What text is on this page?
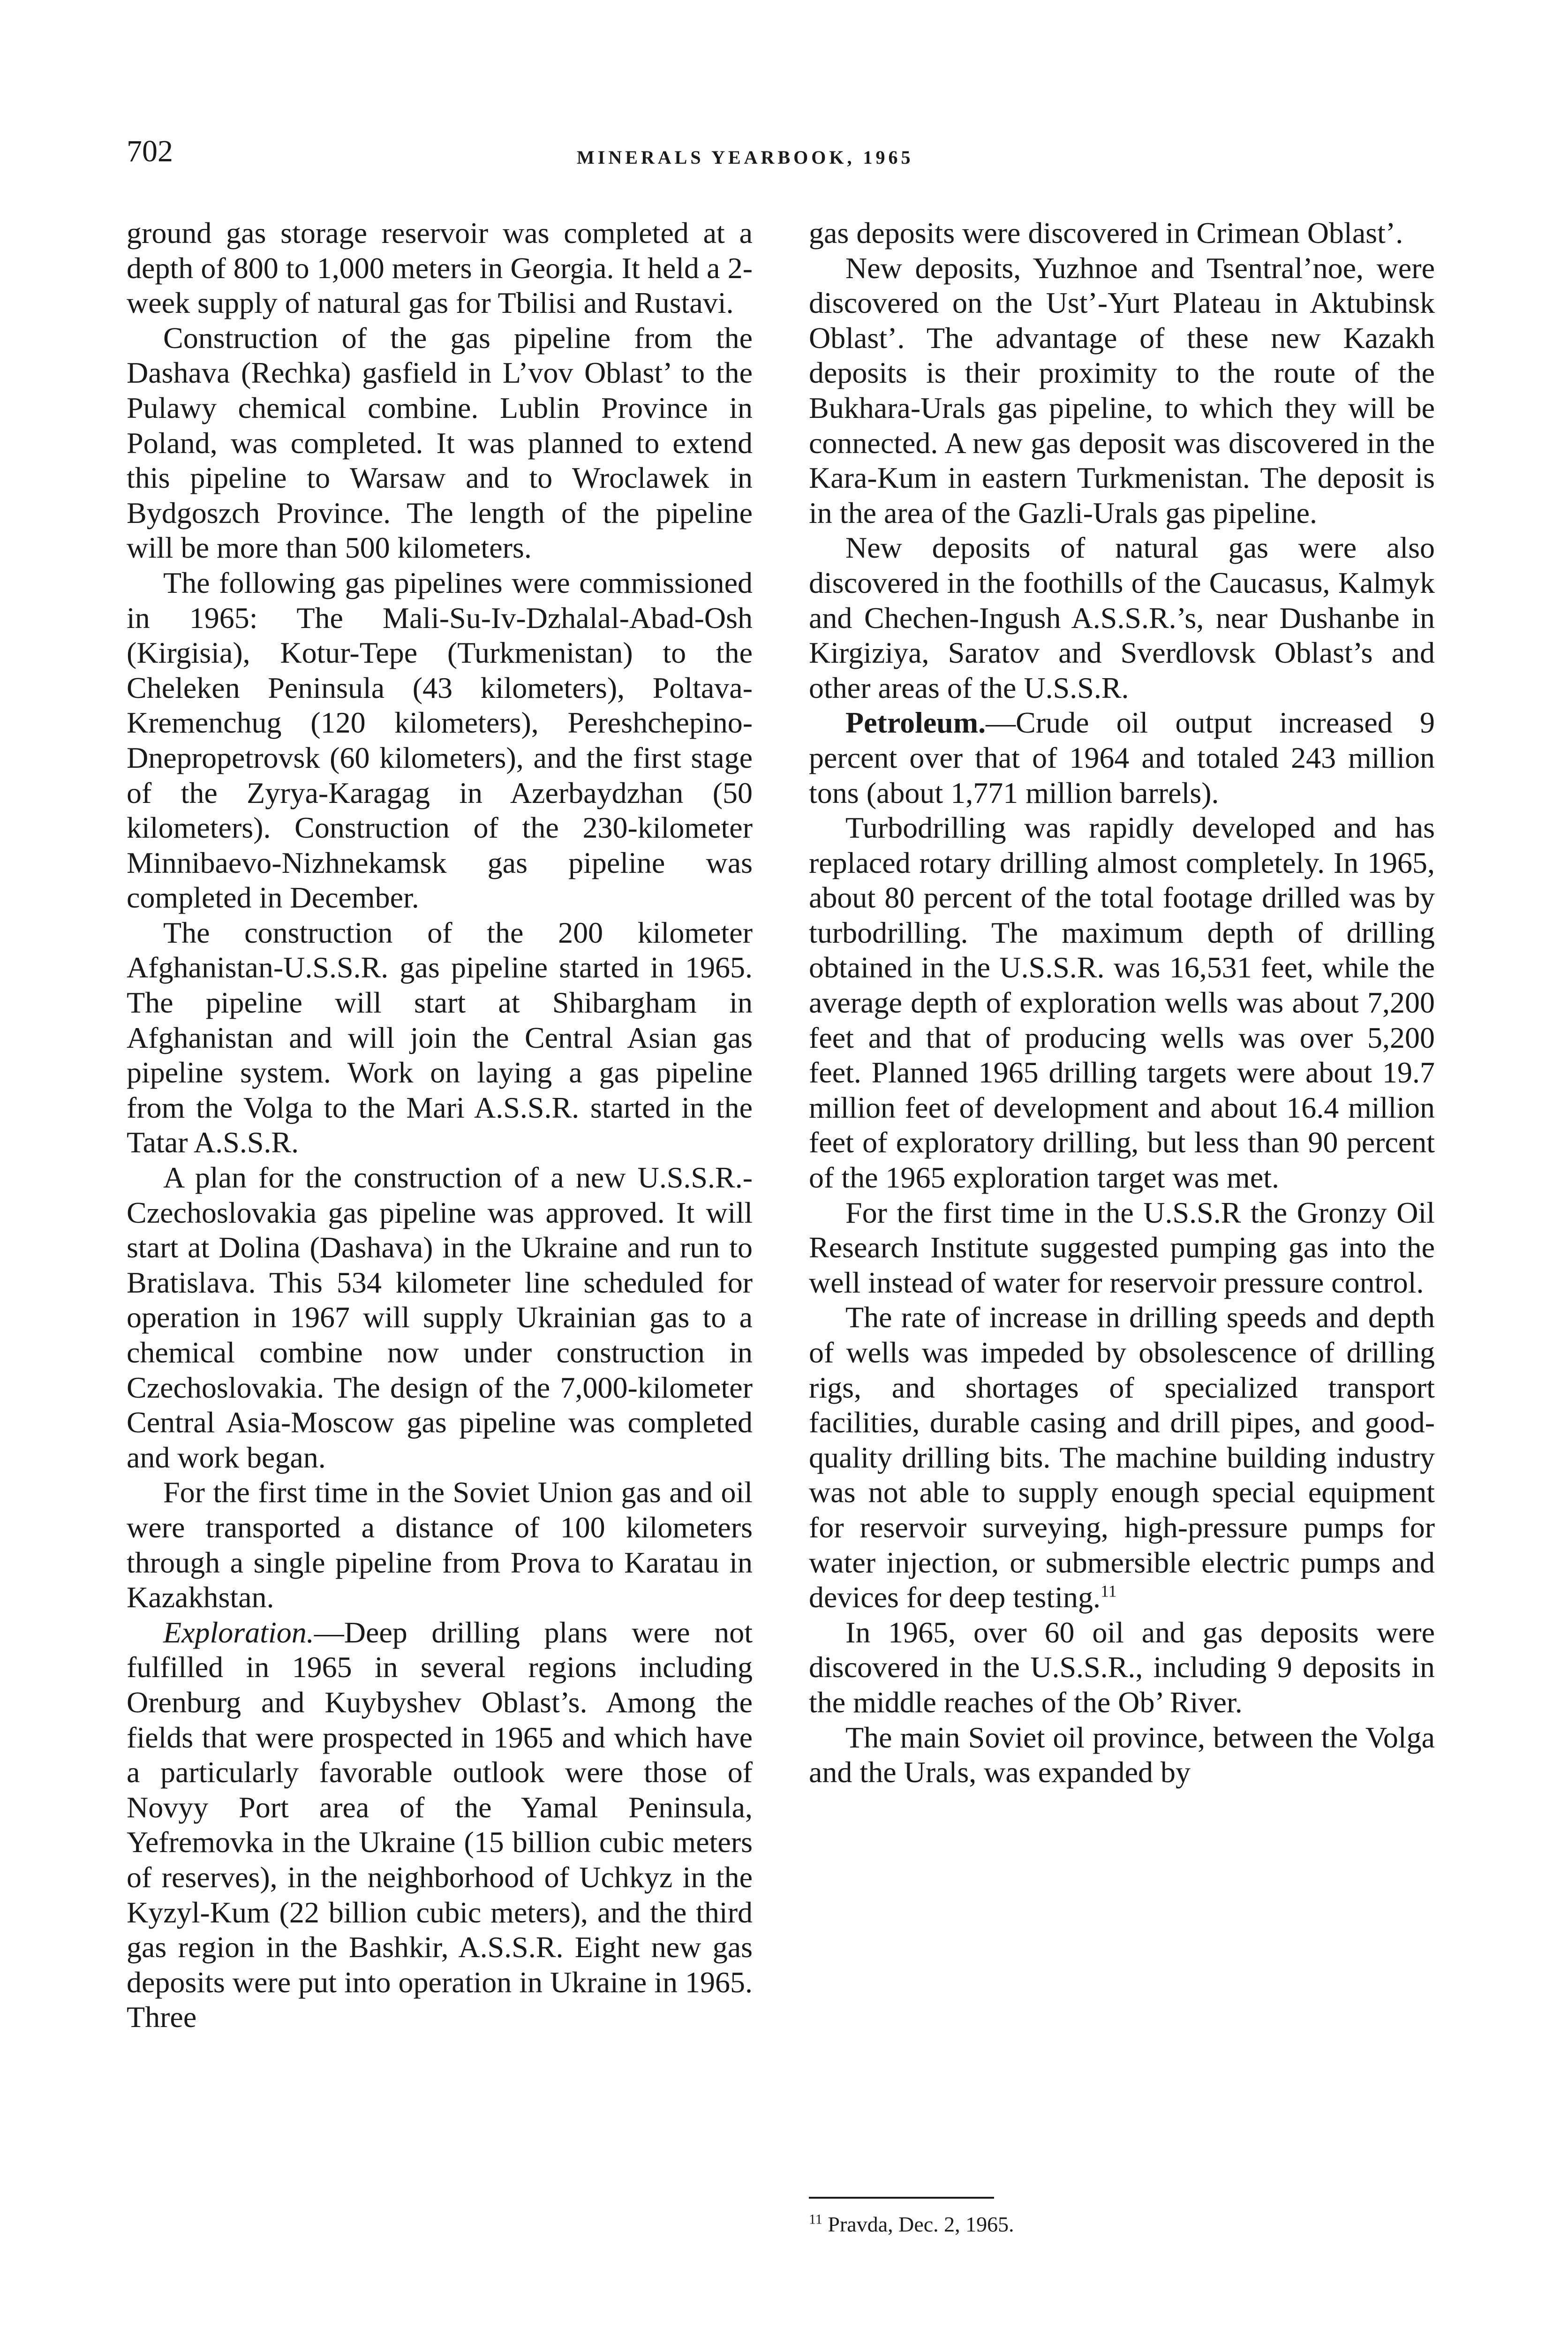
702	MINERALS YEARBOOK, 1965

ground gas storage reservoir was completed at a depth of 800 to 1,000 meters in Georgia. It held a 2-week supply of natural gas for Tbilisi and Rustavi.

Construction of the gas pipeline from the Dashava (Rechka) gasfield in L’vov Oblast’ to the Pulawy chemical combine. Lublin Province in Poland, was completed. It was planned to extend this pipeline to Warsaw and to Wroclawek in Bydgoszch Province. The length of the pipeline will be more than 500 kilometers.

The following gas pipelines were commissioned in 1965: The Mali-Su-Iv-Dzhalal-Abad-Osh (Kirgisia), Kotur-Tepe (Turkmenistan) to the Cheleken Peninsula (43 kilometers), Poltava-Kremenchug (120 kilometers), Pereshchepino-Dnepropetrovsk (60 kilometers), and the first stage of the Zyrya-Karagag in Azerbaydzhan (50 kilometers). Construction of the 230-kilometer Minnibaevo-Nizhnekamsk gas pipeline was completed in December.

The construction of the 200 kilometer Afghanistan-U.S.S.R. gas pipeline started in 1965. The pipeline will start at Shibargham in Afghanistan and will join the Central Asian gas pipeline system. Work on laying a gas pipeline from the Volga to the Mari A.S.S.R. started in the Tatar A.S.S.R.

A plan for the construction of a new U.S.S.R.-Czechoslovakia gas pipeline was approved. It will start at Dolina (Dashava) in the Ukraine and run to Bratislava. This 534 kilometer line scheduled for operation in 1967 will supply Ukrainian gas to a chemical combine now under construction in Czechoslovakia. The design of the 7,000-kilometer Central Asia-Moscow gas pipeline was completed and work began.

For the first time in the Soviet Union gas and oil were transported a distance of 100 kilometers through a single pipeline from Prova to Karatau in Kazakhstan.

Exploration.—Deep drilling plans were not fulfilled in 1965 in several regions including Orenburg and Kuybyshev Oblast’s. Among the fields that were prospected in 1965 and which have a particularly favorable outlook were those of Novyy Port area of the Yamal Peninsula, Yefremovka in the Ukraine (15 billion cubic meters of reserves), in the neighborhood of Uchkyz in the Kyzyl-Kum (22 billion cubic meters), and the third gas region in the Bashkir, A.S.S.R. Eight new gas deposits were put into operation in Ukraine in 1965. Three

gas deposits were discovered in Crimean Oblast’.

New deposits, Yuzhnoe and Tsentral’noe, were discovered on the Ust’-Yurt Plateau in Aktubinsk Oblast’. The advantage of these new Kazakh deposits is their proximity to the route of the Bukhara-Urals gas pipeline, to which they will be connected. A new gas deposit was discovered in the Kara-Kum in eastern Turkmenistan. The deposit is in the area of the Gazli-Urals gas pipeline.

New deposits of natural gas were also discovered in the foothills of the Caucasus, Kalmyk and Chechen-Ingush A.S.S.R.’s, near Dushanbe in Kirgiziya, Saratov and Sverdlovsk Oblast’s and other areas of the U.S.S.R.

Petroleum.—Crude oil output increased 9 percent over that of 1964 and totaled 243 million tons (about 1,771 million barrels).

Turbodrilling was rapidly developed and has replaced rotary drilling almost completely. In 1965, about 80 percent of the total footage drilled was by turbodrilling. The maximum depth of drilling obtained in the U.S.S.R. was 16,531 feet, while the average depth of exploration wells was about 7,200 feet and that of producing wells was over 5,200 feet. Planned 1965 drilling targets were about 19.7 million feet of development and about 16.4 million feet of exploratory drilling, but less than 90 percent of the 1965 exploration target was met.

For the first time in the U.S.S.R the Gronzy Oil Research Institute suggested pumping gas into the well instead of water for reservoir pressure control.

The rate of increase in drilling speeds and depth of wells was impeded by obsolescence of drilling rigs, and shortages of specialized transport facilities, durable casing and drill pipes, and good-quality drilling bits. The machine building industry was not able to supply enough special equipment for reservoir surveying, high-pressure pumps for water injection, or submersible electric pumps and devices for deep testing.$^{11}$

In 1965, over 60 oil and gas deposits were discovered in the U.S.S.R., including 9 deposits in the middle reaches of the Ob’ River.

The main Soviet oil province, between the Volga and the Urals, was expanded by

$^{11}$ Pravda, Dec. 2, 1965.
